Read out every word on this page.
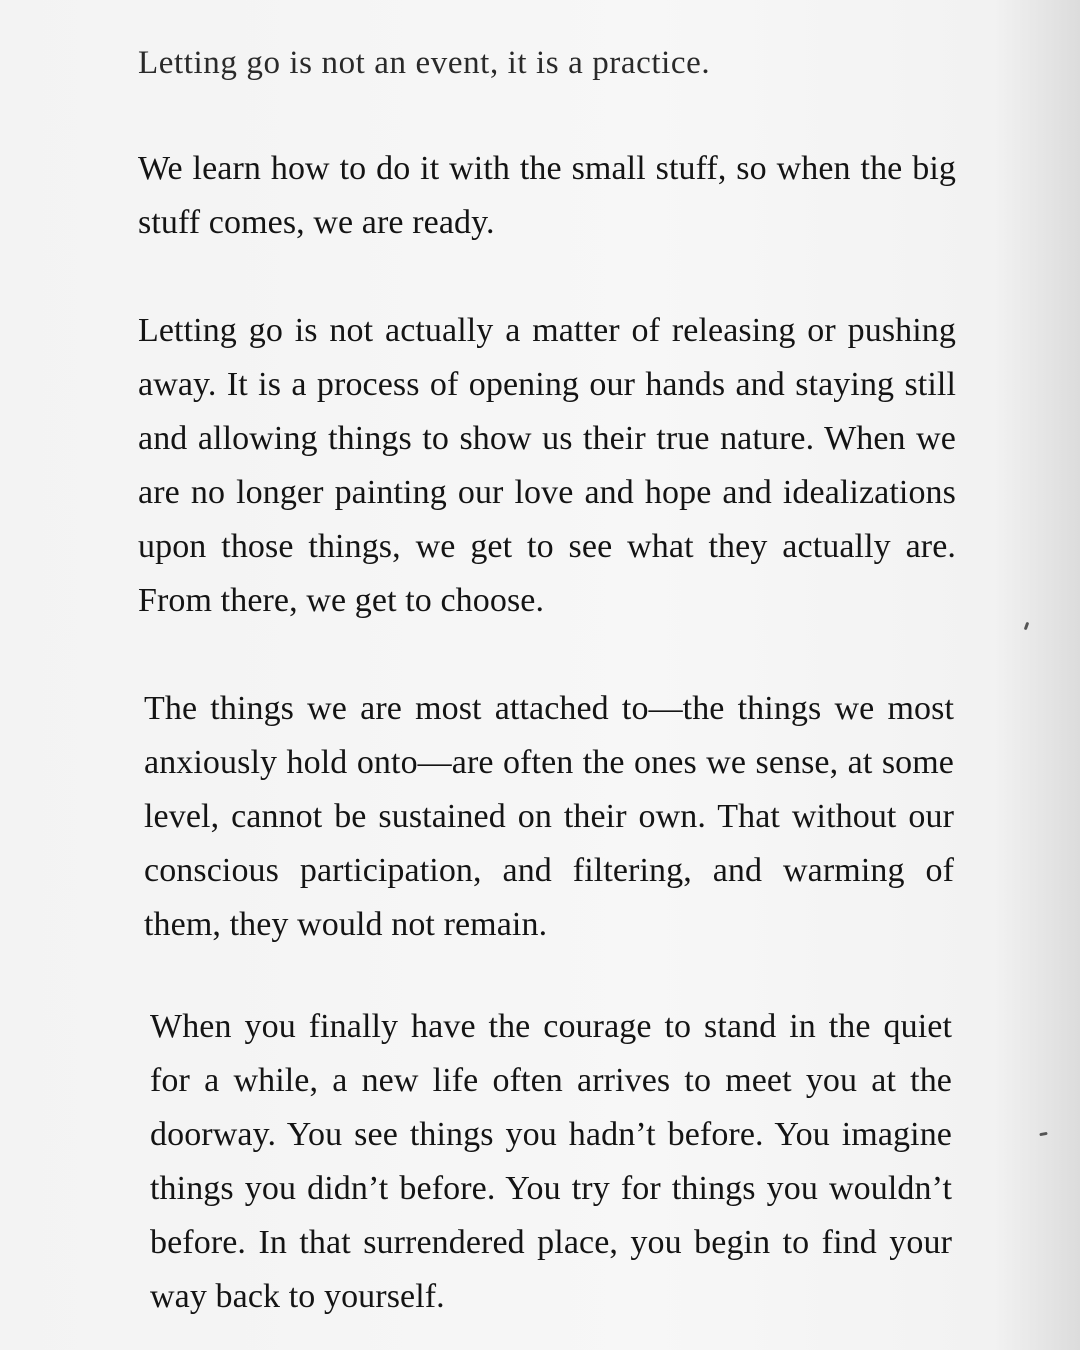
Letting go is not an event, it is a practice.

We learn how to do it with the small stuff, so when the big stuff comes, we are ready.

Letting go is not actually a matter of releasing or pushing away. It is a process of opening our hands and staying still and allowing things to show us their true nature. When we are no longer painting our love and hope and idealizations upon those things, we get to see what they actually are. From there, we get to choose.

The things we are most attached to—the things we most anxiously hold onto—are often the ones we sense, at some level, cannot be sustained on their own. That without our conscious participation, and filtering, and warming of them, they would not remain.

When you finally have the courage to stand in the quiet for a while, a new life often arrives to meet you at the doorway. You see things you hadn’t before. You imagine things you didn’t before. You try for things you wouldn’t before. In that surrendered place, you begin to find your way back to yourself.
